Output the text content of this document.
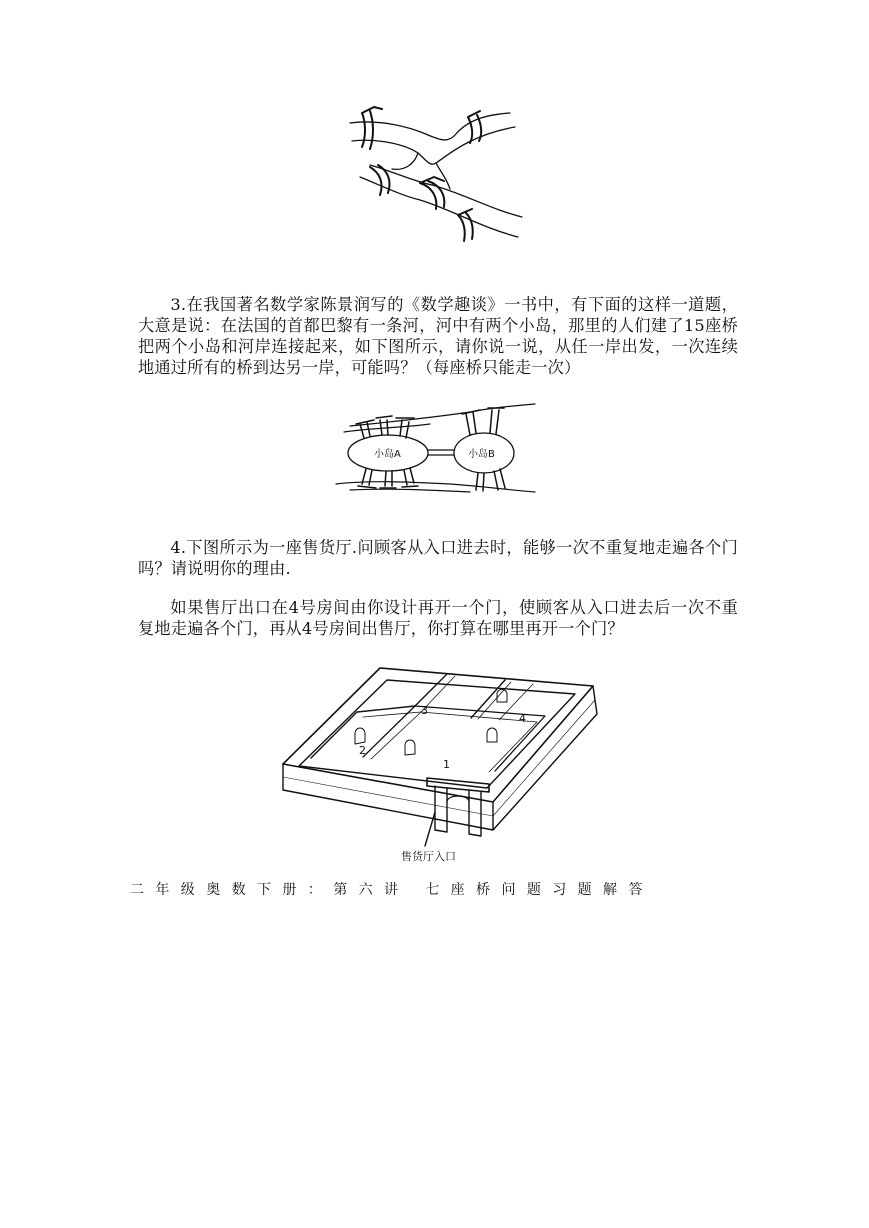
3.在我国著名数学家陈景润写的《数学趣谈》一书中，有下面的这样一道题，大意是说：在法国的首都巴黎有一条河，河中有两个小岛，那里的人们建了15座桥把两个小岛和河岸连接起来，如下图所示，请你说一说，从任一岸出发，一次连续地通过所有的桥到达另一岸，可能吗？（每座桥只能走一次）

小岛A	小岛B

4.下图所示为一座售货厅.问顾客从入口进去时，能够一次不重复地走遍各个门吗？请说明你的理由.

如果售厅出口在4号房间由你设计再开一个门，使顾客从入口进去后一次不重复地走遍各个门，再从4号房间出售厅，你打算在哪里再开一个门？

1
2
3
4
售货厅入口

二年级奥数下册：第六讲 七座桥问题习题解答
